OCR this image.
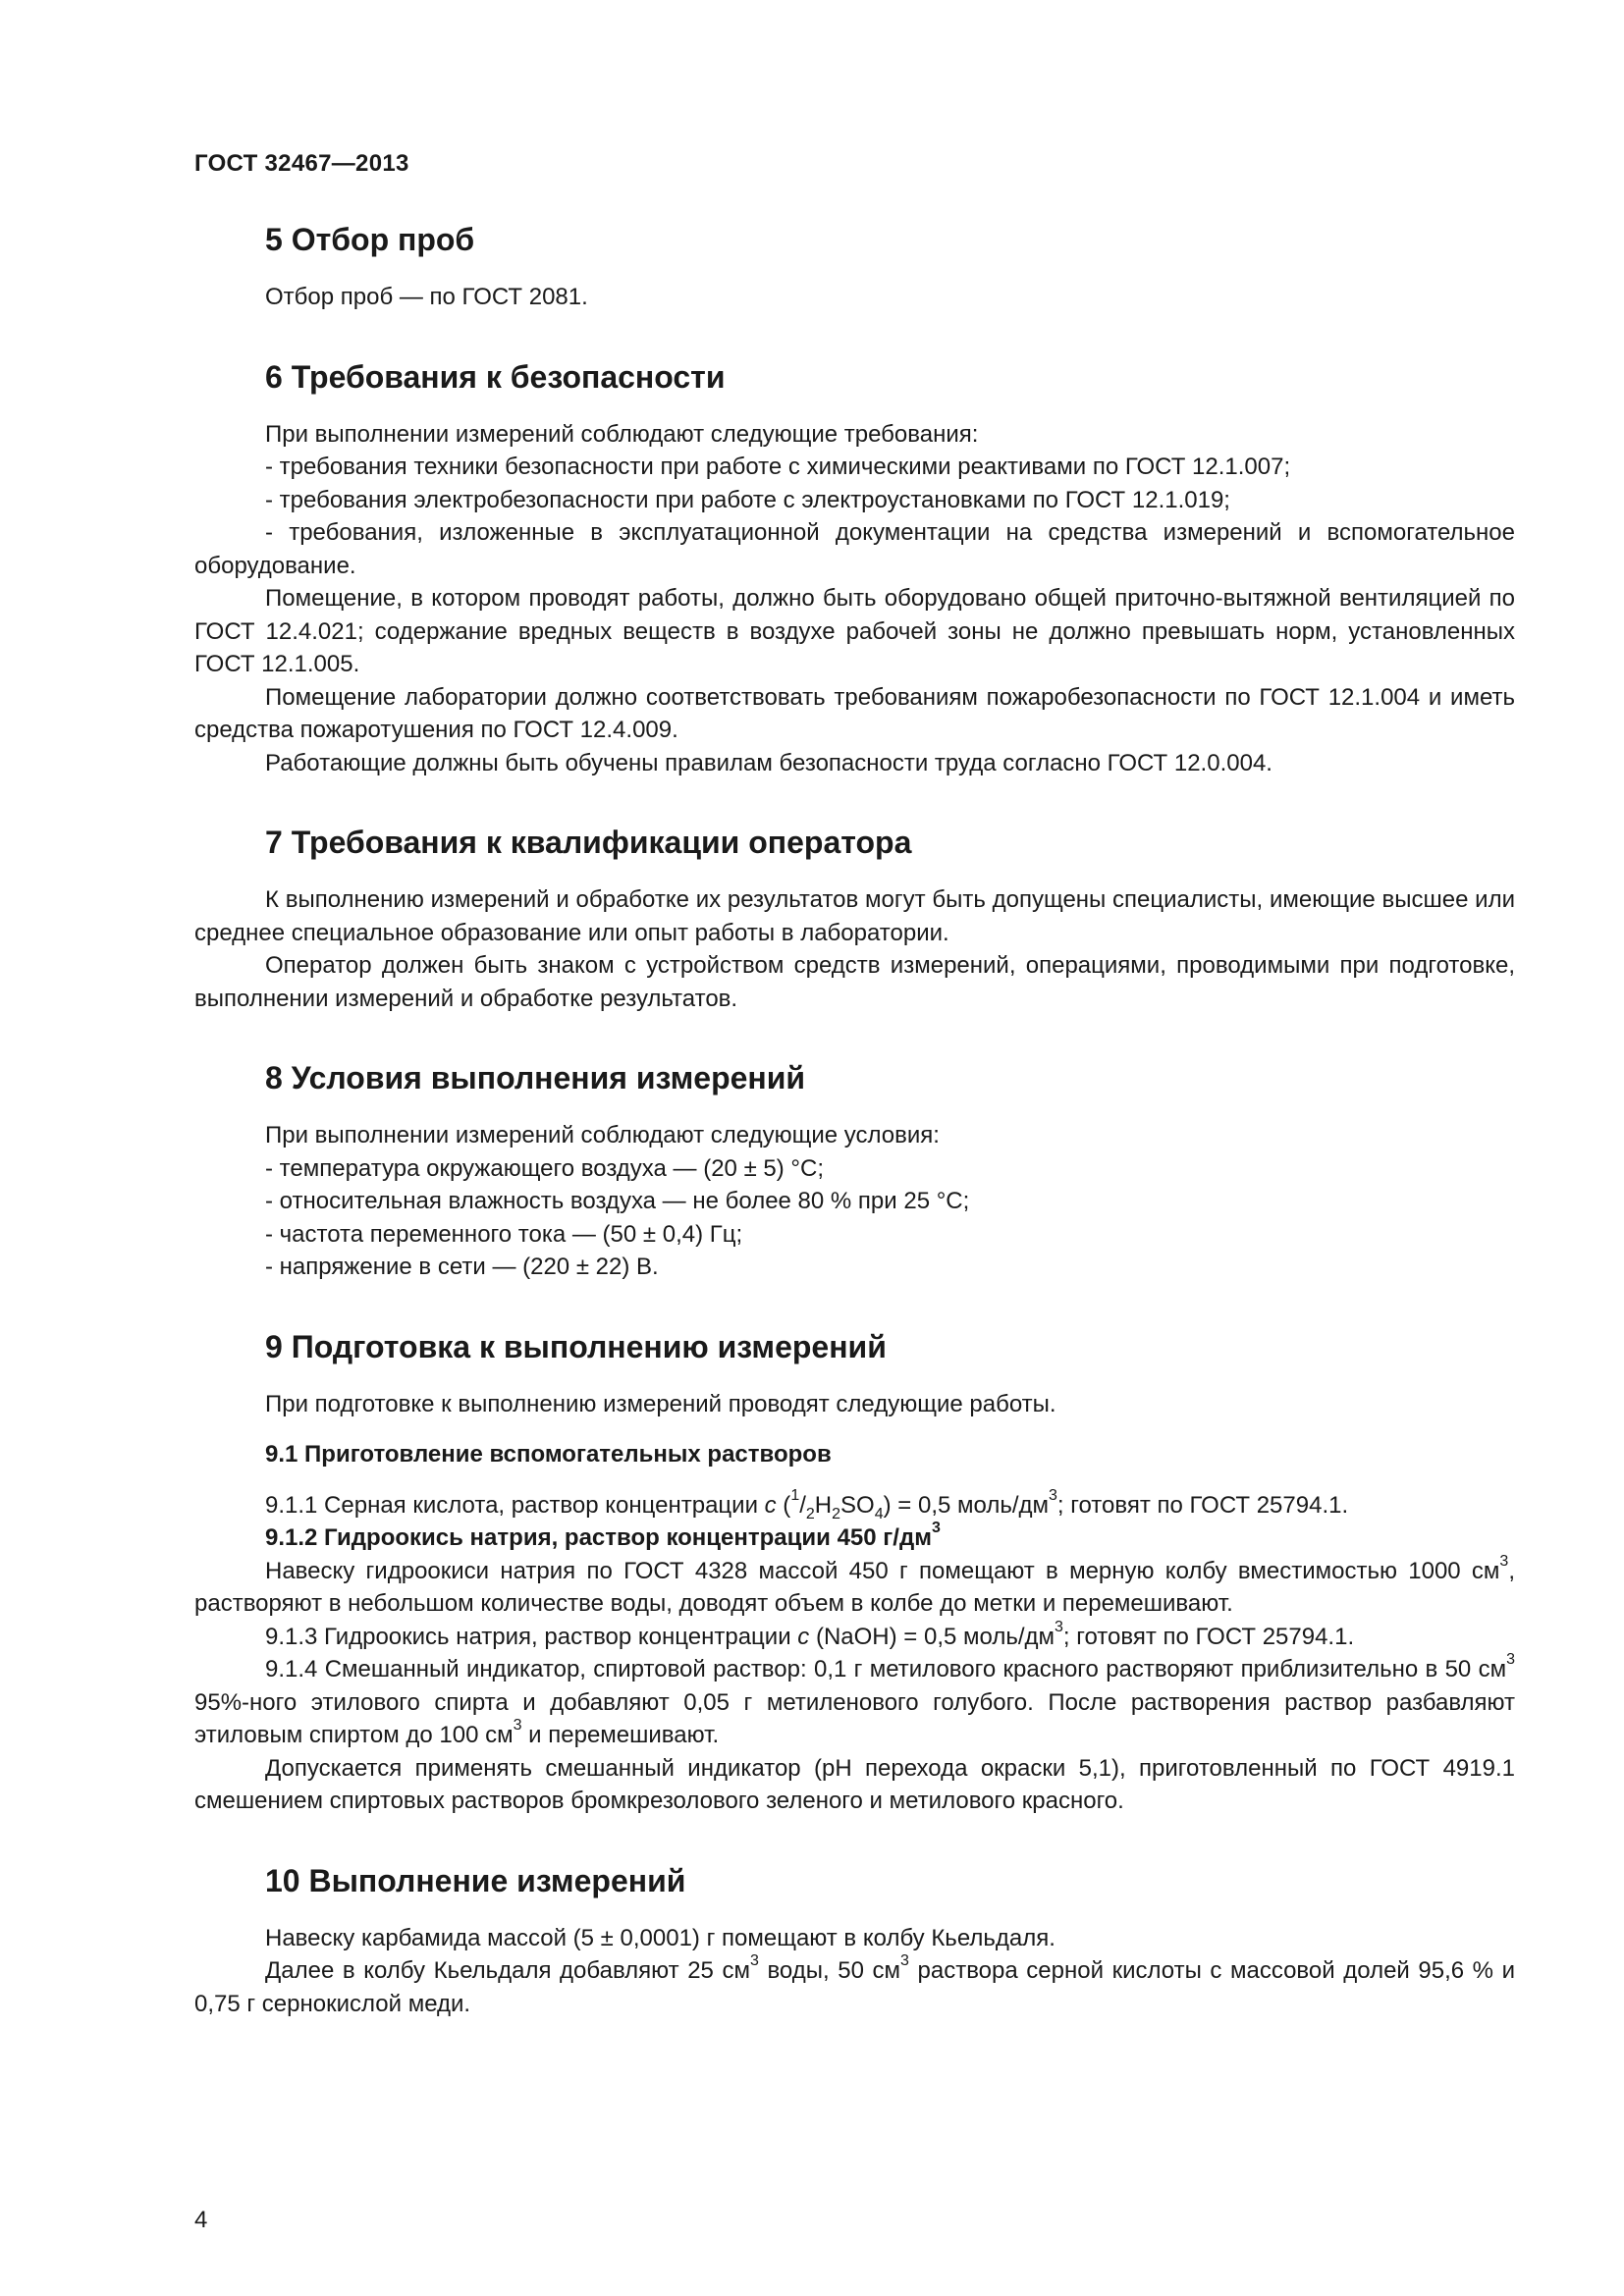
ГОСТ 32467—2013
5 Отбор проб

Отбор проб — по ГОСТ 2081.

6 Требования к безопасности

При выполнении измерений соблюдают следующие требования:

- требования техники безопасности при работе с химическими реактивами по ГОСТ 12.1.007;

- требования электробезопасности при работе с электроустановками по ГОСТ 12.1.019;

- требования, изложенные в эксплуатационной документации на средства измерений и вспомогательное оборудование.

Помещение, в котором проводят работы, должно быть оборудовано общей приточно-вытяжной вентиляцией по ГОСТ 12.4.021; содержание вредных веществ в воздухе рабочей зоны не должно превышать норм, установленных ГОСТ 12.1.005.

Помещение лаборатории должно соответствовать требованиям пожаробезопасности по ГОСТ 12.1.004 и иметь средства пожаротушения по ГОСТ 12.4.009.

Работающие должны быть обучены правилам безопасности труда согласно ГОСТ 12.0.004.

7 Требования к квалификации оператора

К выполнению измерений и обработке их результатов могут быть допущены специалисты, имеющие высшее или среднее специальное образование или опыт работы в лаборатории.

Оператор должен быть знаком с устройством средств измерений, операциями, проводимыми при подготовке, выполнении измерений и обработке результатов.

8 Условия выполнения измерений

При выполнении измерений соблюдают следующие условия:

- температура окружающего воздуха — (20 ± 5) °С;

- относительная влажность воздуха — не более 80 % при 25 °С;

- частота переменного тока — (50 ± 0,4) Гц;

- напряжение в сети — (220 ± 22) В.

9 Подготовка к выполнению измерений

При подготовке к выполнению измерений проводят следующие работы.

9.1 Приготовление вспомогательных растворов

9.1.1 Серная кислота, раствор концентрации c $(^1/_2H_2SO_4) = 0,5$ моль/$дм^3$; готовят по ГОСТ 25794.1.

9.1.2 Гидроокись натрия, раствор концентрации 450 $г/дм^3$

Навеску гидроокиси натрия по ГОСТ 4328 массой 450 г помещают в мерную колбу вместимостью 1000 $см^3$, растворяют в небольшом количестве воды, доводят объем в колбе до метки и перемешивают.

9.1.3 Гидроокись натрия, раствор концентрации c (NaOH) = 0,5 моль/$дм^3$; готовят по ГОСТ 25794.1.

9.1.4 Смешанный индикатор, спиртовой раствор: 0,1 г метилового красного растворяют приблизительно в 50 $см^3$ 95%-ного этилового спирта и добавляют 0,05 г метиленового голубого. После растворения раствор разбавляют этиловым спиртом до 100 $см^3$ и перемешивают.

Допускается применять смешанный индикатор (pH перехода окраски 5,1), приготовленный по ГОСТ 4919.1 смешением спиртовых растворов бромкрезолового зеленого и метилового красного.

10 Выполнение измерений

Навеску карбамида массой (5 ± 0,0001) г помещают в колбу Кьельдаля.

Далее в колбу Кьельдаля добавляют 25 $см^3$ воды, 50 $см^3$ раствора серной кислоты с массовой долей 95,6 % и 0,75 г сернокислой меди.

4
